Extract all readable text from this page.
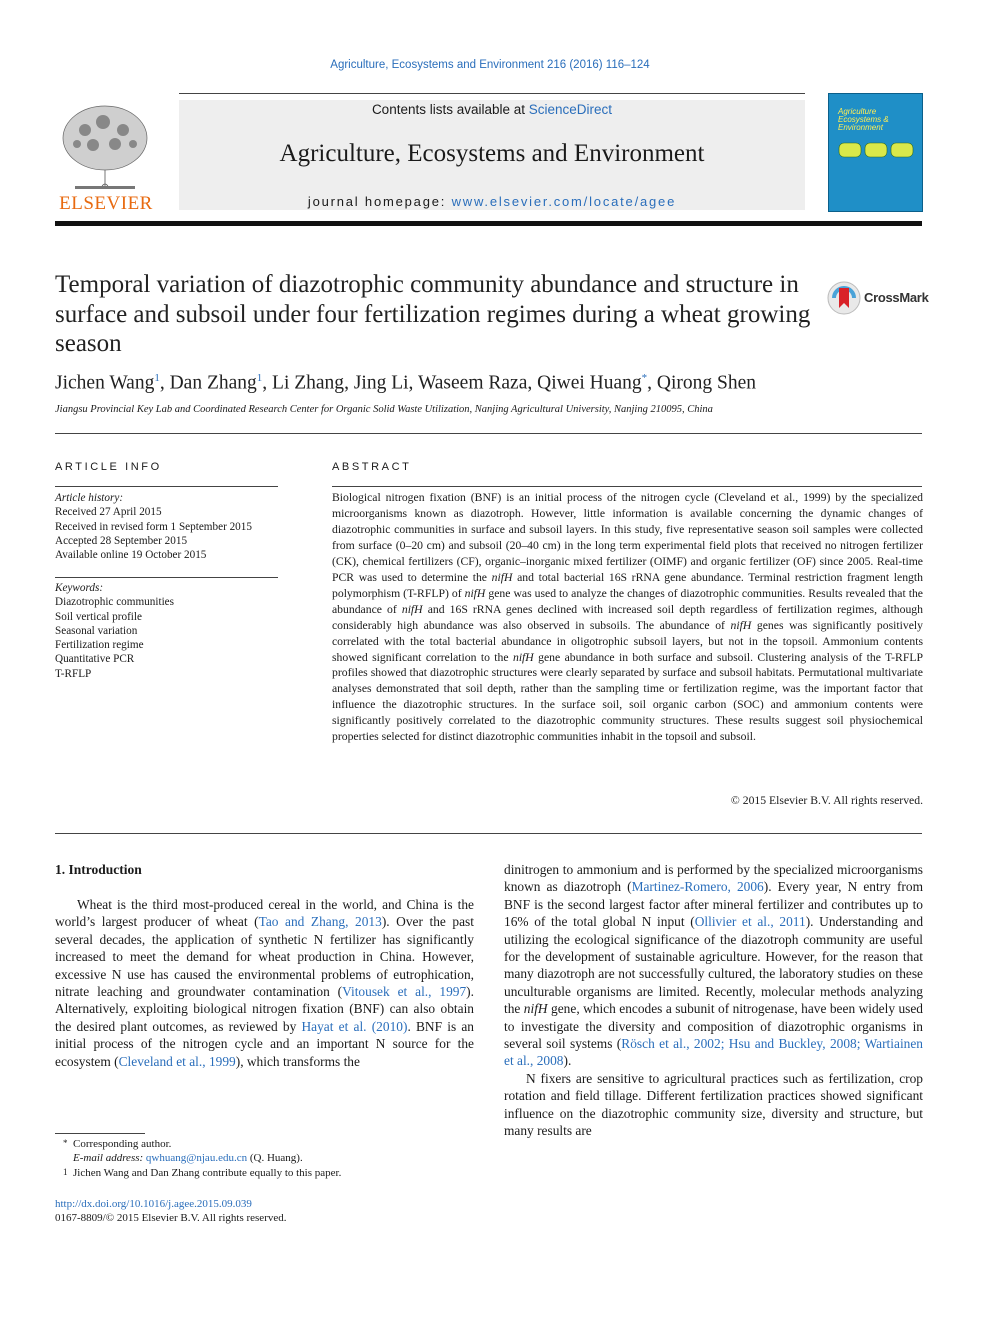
Agriculture, Ecosystems and Environment 216 (2016) 116–124
ELSEVIER
Contents lists available at ScienceDirect
Agriculture, Ecosystems and Environment
journal homepage: www.elsevier.com/locate/agee
Agriculture Ecosystems & Environment
Temporal variation of diazotrophic community abundance and structure in surface and subsoil under four fertilization regimes during a wheat growing season
CrossMark
Jichen Wang$^1$, Dan Zhang$^1$, Li Zhang, Jing Li, Waseem Raza, Qiwei Huang*, Qirong Shen
Jiangsu Provincial Key Lab and Coordinated Research Center for Organic Solid Waste Utilization, Nanjing Agricultural University, Nanjing 210095, China
ARTICLE INFO
Article history:
Received 27 April 2015
Received in revised form 1 September 2015
Accepted 28 September 2015
Available online 19 October 2015
Keywords:
Diazotrophic communities
Soil vertical profile
Seasonal variation
Fertilization regime
Quantitative PCR
T-RFLP
ABSTRACT
Biological nitrogen fixation (BNF) is an initial process of the nitrogen cycle (Cleveland et al., 1999) by the specialized microorganisms known as diazotroph. However, little information is available concerning the dynamic changes of diazotrophic communities in surface and subsoil layers. In this study, five representative season soil samples were collected from surface (0–20 cm) and subsoil (20–40 cm) in the long term experimental field plots that received no nitrogen fertilizer (CK), chemical fertilizers (CF), organic–inorganic mixed fertilizer (OIMF) and organic fertilizer (OF) since 2005. Real-time PCR was used to determine the nifH and total bacterial 16S rRNA gene abundance. Terminal restriction fragment length polymorphism (T-RFLP) of nifH gene was used to analyze the changes of diazotrophic communities. Results revealed that the abundance of nifH and 16S rRNA genes declined with increased soil depth regardless of fertilization regimes, although considerably high abundance was also observed in subsoils. The abundance of nifH genes was significantly positively correlated with the total bacterial abundance in oligotrophic subsoil layers, but not in the topsoil. Ammonium contents showed significant correlation to the nifH gene abundance in both surface and subsoil. Clustering analysis of the T-RFLP profiles showed that diazotrophic structures were clearly separated by surface and subsoil habitats. Permutational multivariate analyses demonstrated that soil depth, rather than the sampling time or fertilization regime, was the important factor that influence the diazotrophic structures. In the surface soil, soil organic carbon (SOC) and ammonium contents were significantly positively correlated to the diazotrophic community structures. These results suggest soil physiochemical properties selected for distinct diazotrophic communities inhabit in the topsoil and subsoil.
© 2015 Elsevier B.V. All rights reserved.
1. Introduction

Wheat is the third most-produced cereal in the world, and China is the world’s largest producer of wheat (Tao and Zhang, 2013). Over the past several decades, the application of synthetic N fertilizer has significantly increased to meet the demand for wheat production in China. However, excessive N use has caused the environmental problems of eutrophication, nitrate leaching and groundwater contamination (Vitousek et al., 1997). Alternatively, exploiting biological nitrogen fixation (BNF) can also obtain the desired plant outcomes, as reviewed by Hayat et al. (2010). BNF is an initial process of the nitrogen cycle and an important N source for the ecosystem (Cleveland et al., 1999), which transforms the

dinitrogen to ammonium and is performed by the specialized microorganisms known as diazotroph (Martinez-Romero, 2006). Every year, N entry from BNF is the second largest factor after mineral fertilizer and contributes up to 16% of the total global N input (Ollivier et al., 2011). Understanding and utilizing the ecological significance of the diazotroph community are useful for the development of sustainable agriculture. However, for the reason that many diazotroph are not successfully cultured, the laboratory studies on these unculturable organisms are limited. Recently, molecular methods analyzing the nifH gene, which encodes a subunit of nitrogenase, have been widely used to investigate the diversity and composition of diazotrophic organisms in several soil systems (Rösch et al., 2002; Hsu and Buckley, 2008; Wartiainen et al., 2008).

N fixers are sensitive to agricultural practices such as fertilization, crop rotation and field tillage. Different fertilization practices showed significant influence on the diazotrophic community size, diversity and structure, but many results are

* Corresponding author.
E-mail address: qwhuang@njau.edu.cn (Q. Huang).
1 Jichen Wang and Dan Zhang contribute equally to this paper.
http://dx.doi.org/10.1016/j.agee.2015.09.039
0167-8809/© 2015 Elsevier B.V. All rights reserved.
